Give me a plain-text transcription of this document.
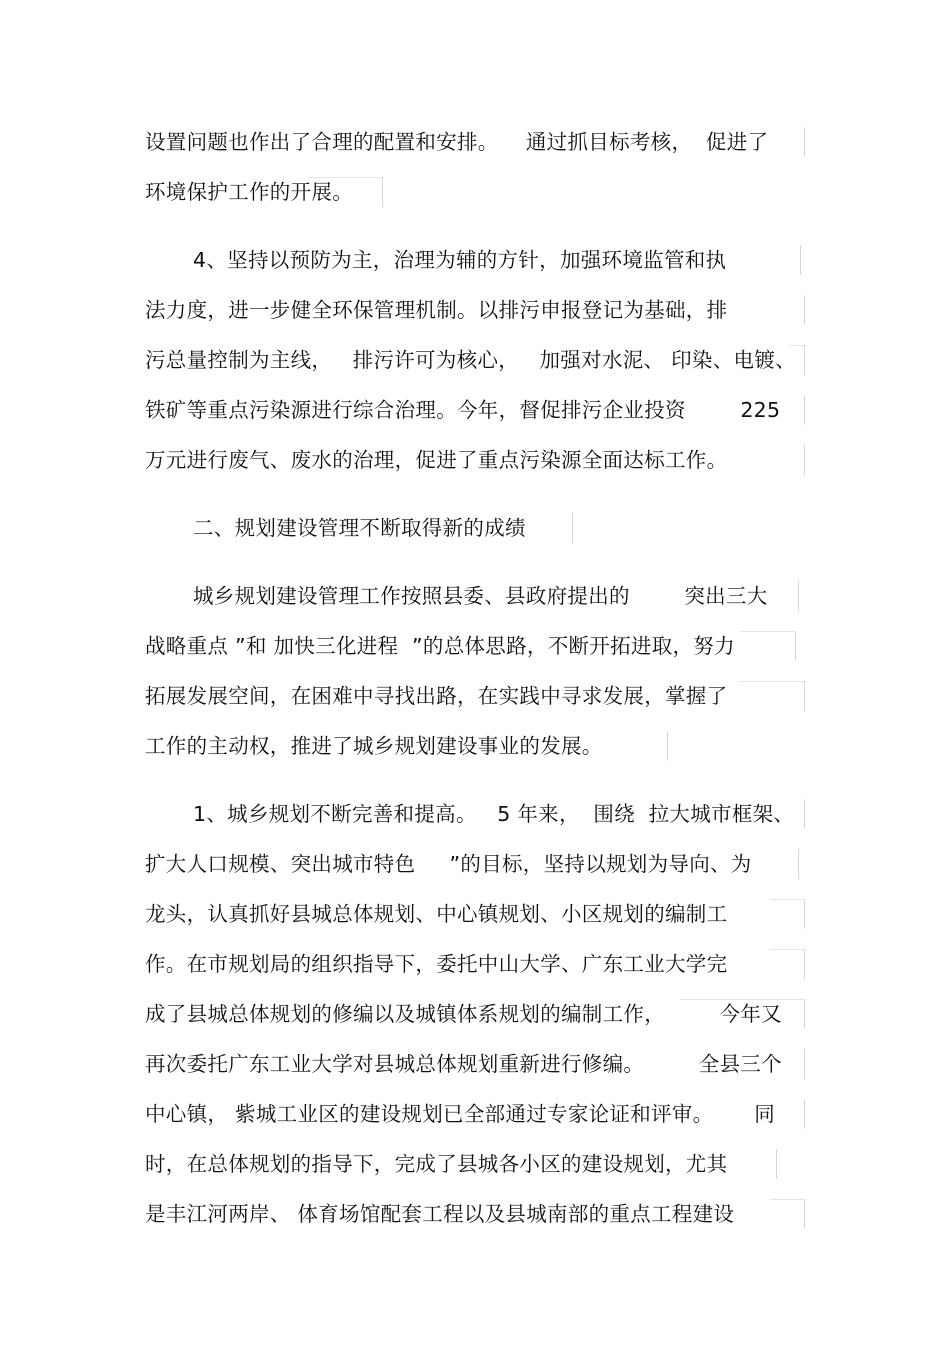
设置问题也作出了合理的配置和安排。    通过抓目标考核，  促进了
环境保护工作的开展。
4、坚持以预防为主，治理为辅的方针，加强环境监管和执
法力度，进一步健全环保管理机制。以排污申报登记为基础，排
污总量控制为主线，   排污许可为核心，   加强对水泥、 印染、电镀、
铁矿等重点污染源进行综合治理。今年，督促排污企业投资        225
万元进行废气、废水的治理，促进了重点污染源全面达标工作。
二、规划建设管理不断取得新的成绩
城乡规划建设管理工作按照县委、县政府提出的        突出三大
战略重点 ”和 加快三化进程  ”的总体思路，不断开拓进取，努力
拓展发展空间，在困难中寻找出路，在实践中寻求发展，掌握了
工作的主动权，推进了城乡规划建设事业的发展。
1、城乡规划不断完善和提高。   5 年来，  围绕  拉大城市框架、
扩大人口规模、突出城市特色     ”的目标，坚持以规划为导向、为
龙头，认真抓好县城总体规划、中心镇规划、小区规划的编制工
作。在市规划局的组织指导下，委托中山大学、广东工业大学完
成了县城总体规划的修编以及城镇体系规划的编制工作，        今年又
再次委托广东工业大学对县城总体规划重新进行修编。        全县三个
中心镇， 紫城工业区的建设规划已全部通过专家论证和评审。      同
时，在总体规划的指导下，完成了县城各小区的建设规划，尤其
是丰江河两岸、 体育场馆配套工程以及县城南部的重点工程建设
